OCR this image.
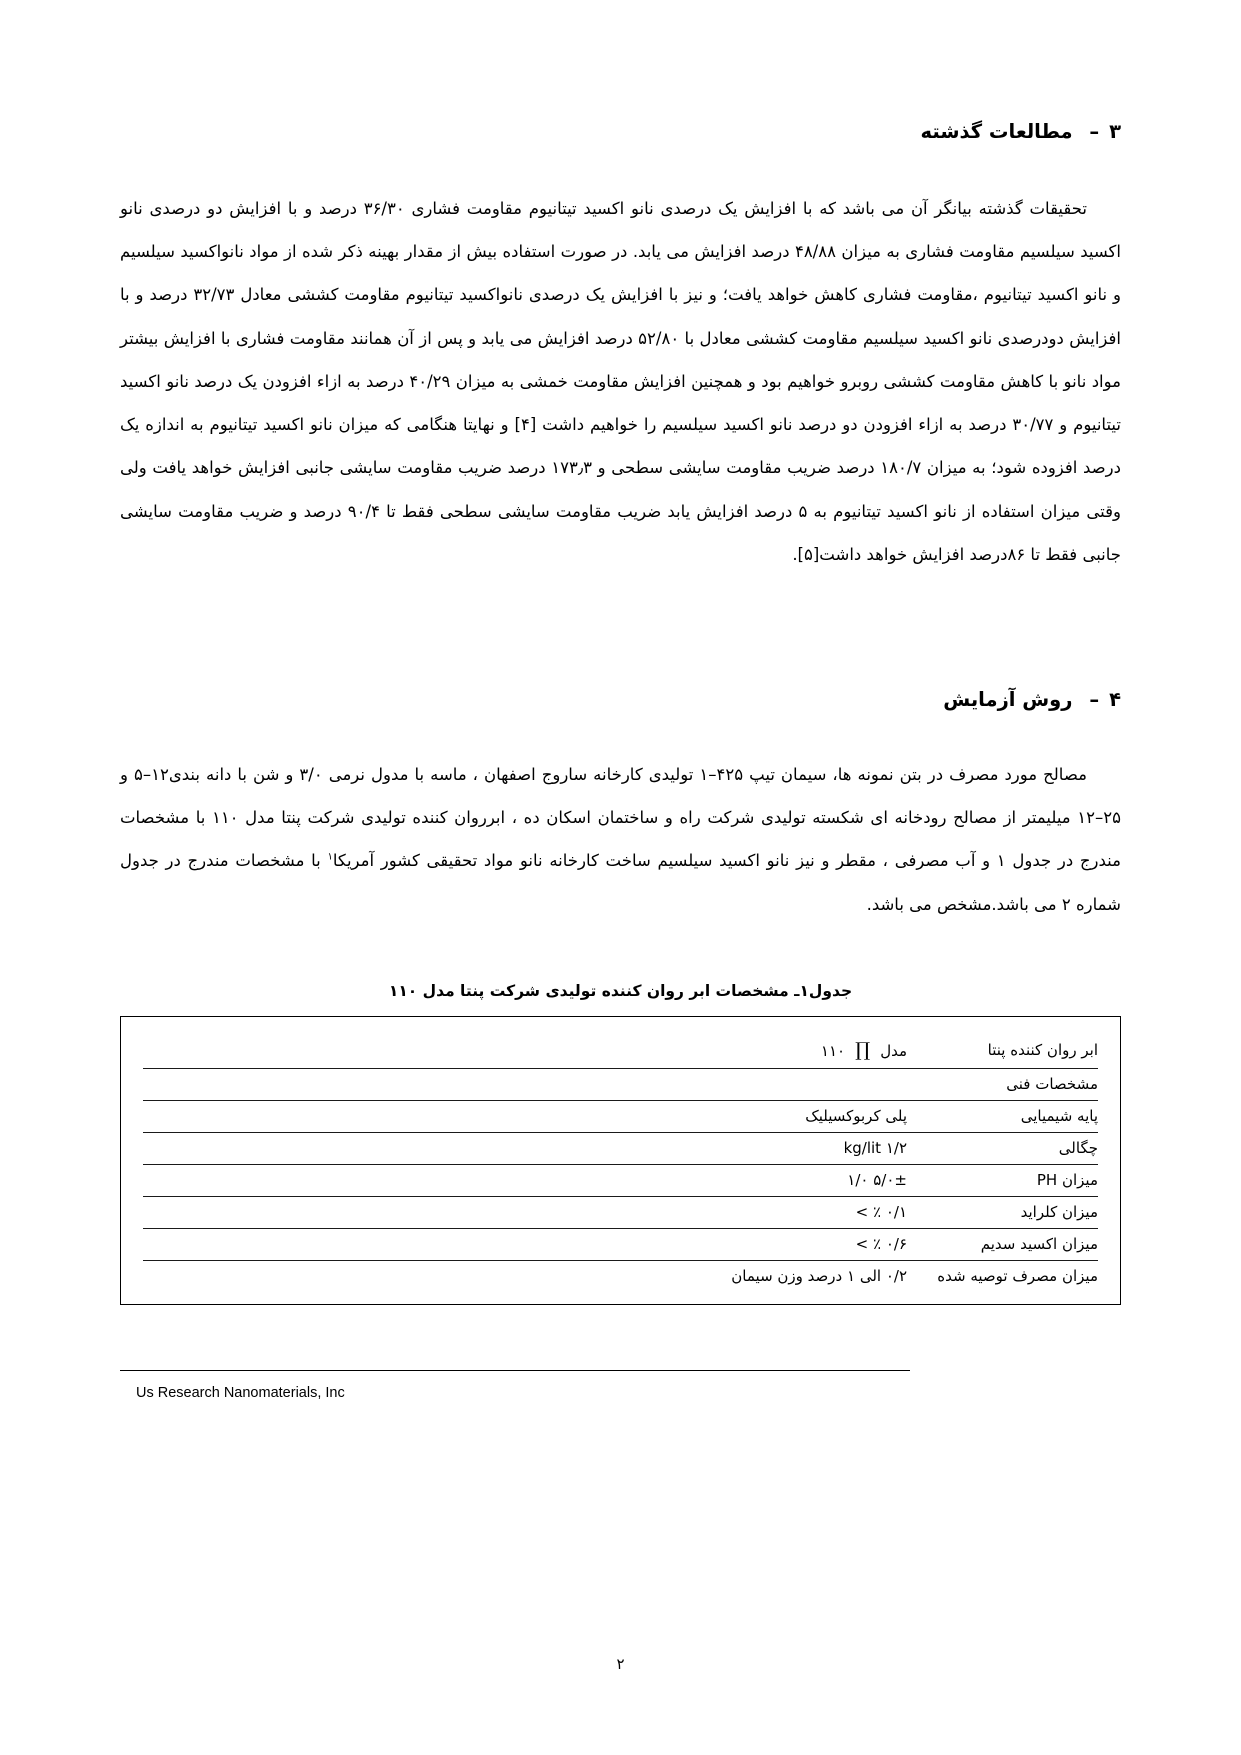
۳– مطالعات گذشته

تحقیقات گذشته بیانگر آن می باشد که با افزایش یک درصدی نانو اکسید تیتانیوم مقاومت فشاری ۳۶/۳۰ درصد و با افزایش دو درصدی نانو اکسید سیلسیم مقاومت فشاری به میزان ۴۸/۸۸ درصد افزایش می یابد. در صورت استفاده بیش از مقدار بهینه ذکر شده از مواد نانواکسید سیلسیم و نانو اکسید تیتانیوم ،مقاومت فشاری کاهش خواهد یافت؛ و نیز با افزایش یک درصدی نانواکسید تیتانیوم مقاومت کششی معادل ۳۲/۷۳ درصد و با افزایش دودرصدی نانو اکسید سیلسیم مقاومت کششی معادل با ۵۲/۸۰ درصد افزایش می یابد و پس از آن همانند مقاومت فشاری با افزایش بیشتر مواد نانو با کاهش مقاومت کششی روبرو خواهیم بود و همچنین افزایش مقاومت خمشی به میزان ۴۰/۲۹ درصد به ازاء افزودن یک درصد نانو اکسید تیتانیوم و ۳۰/۷۷ درصد به ازاء افزودن دو درصد نانو اکسید سیلسیم را خواهیم داشت [۴] و نهایتا هنگامی که میزان نانو اکسید تیتانیوم به اندازه یک درصد افزوده شود؛ به میزان ۱۸۰/۷ درصد ضریب مقاومت سایشی سطحی و ۱۷۳٫۳ درصد ضریب مقاومت سایشی جانبی افزایش خواهد یافت ولی وقتی میزان استفاده از نانو اکسید تیتانیوم به ۵ درصد افزایش یابد ضریب مقاومت سایشی سطحی فقط تا ۹۰/۴ درصد و ضریب مقاومت سایشی جانبی فقط تا ۸۶درصد افزایش خواهد داشت[۵].

۴– روش آزمایش

مصالح مورد مصرف در بتن نمونه ها، سیمان تیپ ۴۲۵–۱ تولیدی کارخانه ساروج اصفهان ، ماسه با مدول نرمی ۳/۰ و شن با دانه بندی۱۲–۵ و ۲۵–۱۲ میلیمتر از مصالح رودخانه ای شکسته تولیدی شرکت راه و ساختمان اسکان ده ، ابرروان کننده تولیدی شرکت پنتا مدل ۱۱۰ با مشخصات مندرج در جدول ۱ و آب مصرفی ، مقطر و نیز نانو اکسید سیلسیم ساخت کارخانه نانو مواد تحقیقی کشور آمریکا$^۱$ با مشخصات مندرج در جدول شماره ۲ می باشد.مشخص می باشد.

جدول۱ـ مشخصات ابر روان کننده تولیدی شرکت پنتا مدل ۱۱۰
ابر روان کننده پنتا	مدل∏۱۱۰	
مشخصات فنی		
پایه شیمیایی	پلی کربوکسیلیک	
چگالی	۱/۲ kg/lit	
میزان PH	۵/۰± ۱/۰	
میزان کلراید	۰/۱ ٪ >	
میزان اکسید سدیم	۰/۶ ٪ >	
میزان مصرف توصیه شده	۰/۲ الی ۱ درصد وزن سیمان	
Us Research Nanomaterials, Inc
۲
